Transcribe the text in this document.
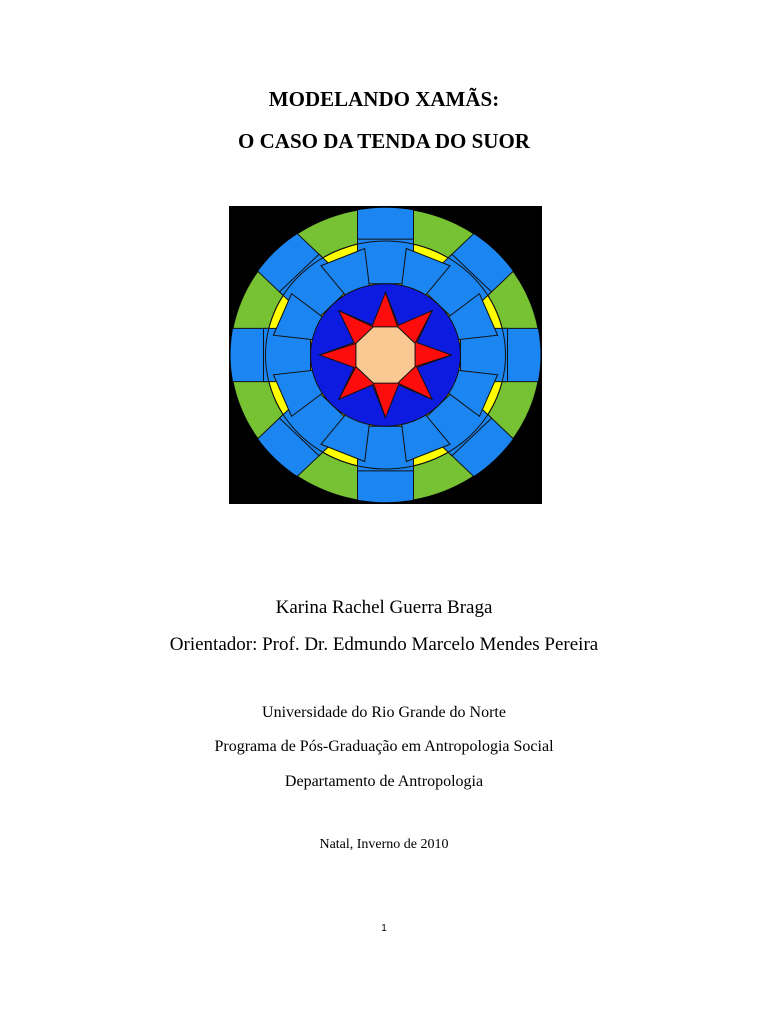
MODELANDO XAMÃS:
O CASO DA TENDA DO SUOR
Karina Rachel Guerra Braga
Orientador: Prof. Dr. Edmundo Marcelo Mendes Pereira
Universidade do Rio Grande do Norte
Programa de Pós-Graduação em Antropologia Social
Departamento de Antropologia
Natal, Inverno de 2010
1
